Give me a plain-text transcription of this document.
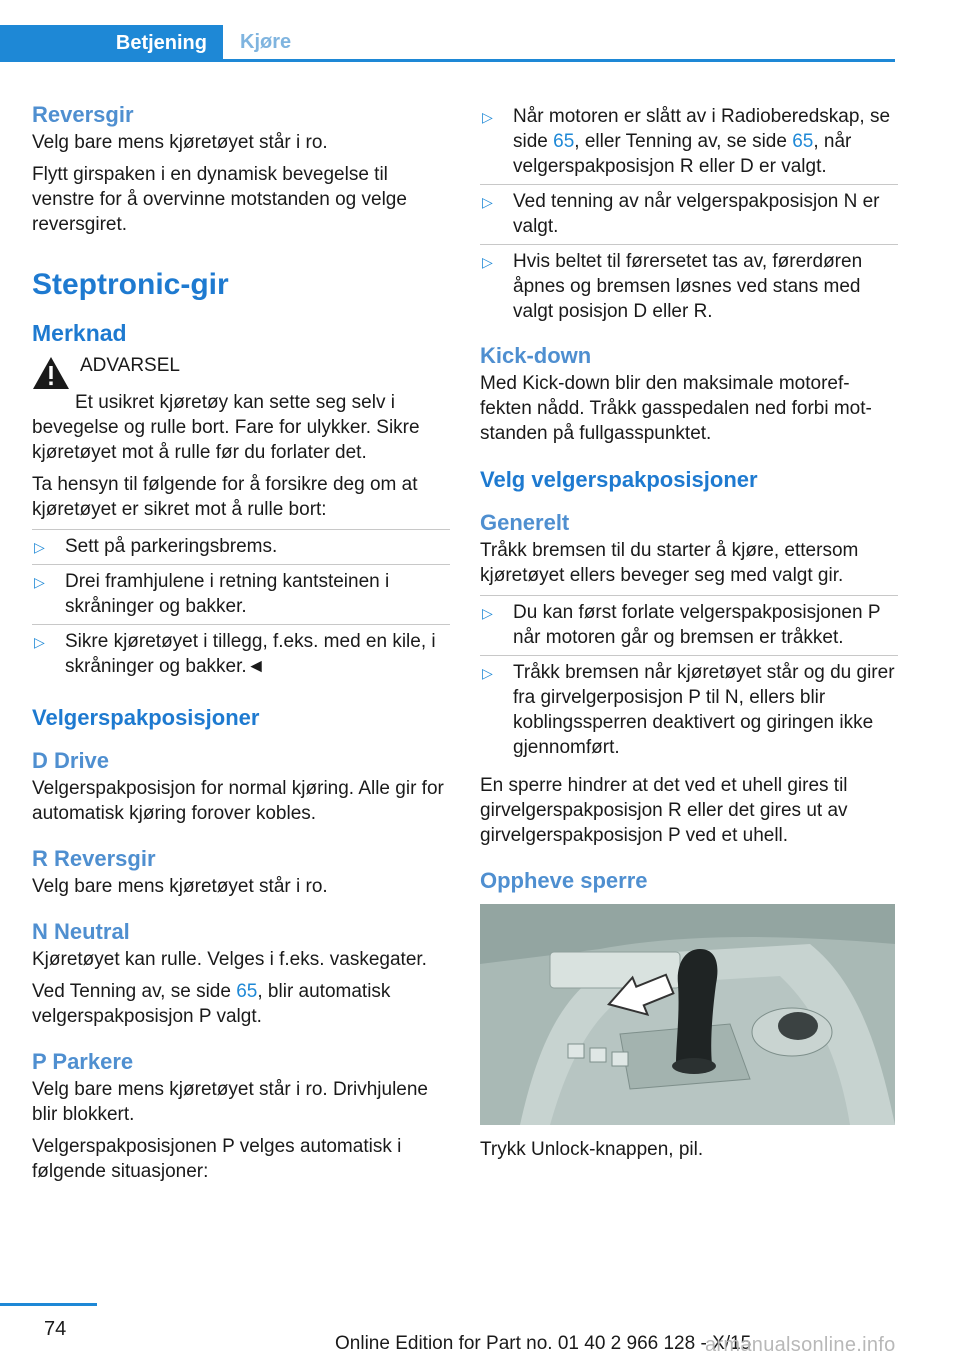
Betjening	Kjøre
Reversgir

Velg bare mens kjøretøyet står i ro.

Flytt girspaken i en dynamisk bevegelse til venstre for å overvinne motstanden og velge reversgiret.

Steptronic-gir
Merknad
ADVARSEL

Et usikret kjøretøy kan sette seg selv i bevegelse og rulle bort. Fare for ulykker. Sikre kjøretøyet mot å rulle før du forlater det.

Ta hensyn til følgende for å forsikre deg om at kjøretøyet er sikret mot å rulle bort:

▷ Sett på parkeringsbrems.
▷ Drei framhjulene i retning kantsteinen i skråninger og bakker.
▷ Sikre kjøretøyet i tillegg, f.eks. med en kile, i skråninger og bakker.◄
Velgerspakposisjoner
D Drive

Velgerspakposisjon for normal kjøring. Alle gir for automatisk kjøring forover kobles.

R Reversgir

Velg bare mens kjøretøyet står i ro.

N Neutral

Kjøretøyet kan rulle. Velges i f.eks. vaskegater.

Ved Tenning av, se side 65, blir automatisk velgerspakposisjon P valgt.

P Parkere

Velg bare mens kjøretøyet står i ro. Drivhjulene blir blokkert.

Velgerspakposisjonen P velges automatisk i følgende situasjoner:

▷ Når motoren er slått av i Radioberedskap, se side 65, eller Tenning av, se side 65, når velgerspakposisjon R eller D er valgt.
▷ Ved tenning av når velgerspakposisjon N er valgt.
▷ Hvis beltet til førersetet tas av, førerdøren åpnes og bremsen løsnes ved stans med valgt posisjon D eller R.
Kick-down

Med Kick-down blir den maksimale motoref- fekten nådd. Tråkk gasspedalen ned forbi mot- standen på fullgasspunktet.

Velg velgerspakposisjoner
Generelt

Tråkk bremsen til du starter å kjøre, ettersom kjøretøyet ellers beveger seg med valgt gir.

▷ Du kan først forlate velgerspakposisjonen P når motoren går og bremsen er tråkket.
▷ Tråkk bremsen når kjøretøyet står og du girer fra girvelgerposisjon P til N, ellers blir koblingssperren deaktivert og giringen ikke gjennomført.

En sperre hindrer at det ved et uhell gires til girvelgerspakposisjon R eller det gires ut av girvelgerspakposisjon P ved et uhell.

Oppheve sperre

Trykk Unlock-knappen, pil.

74
Online Edition for Part no. 01 40 2 966 128 - X/15
armanualsonline.info
